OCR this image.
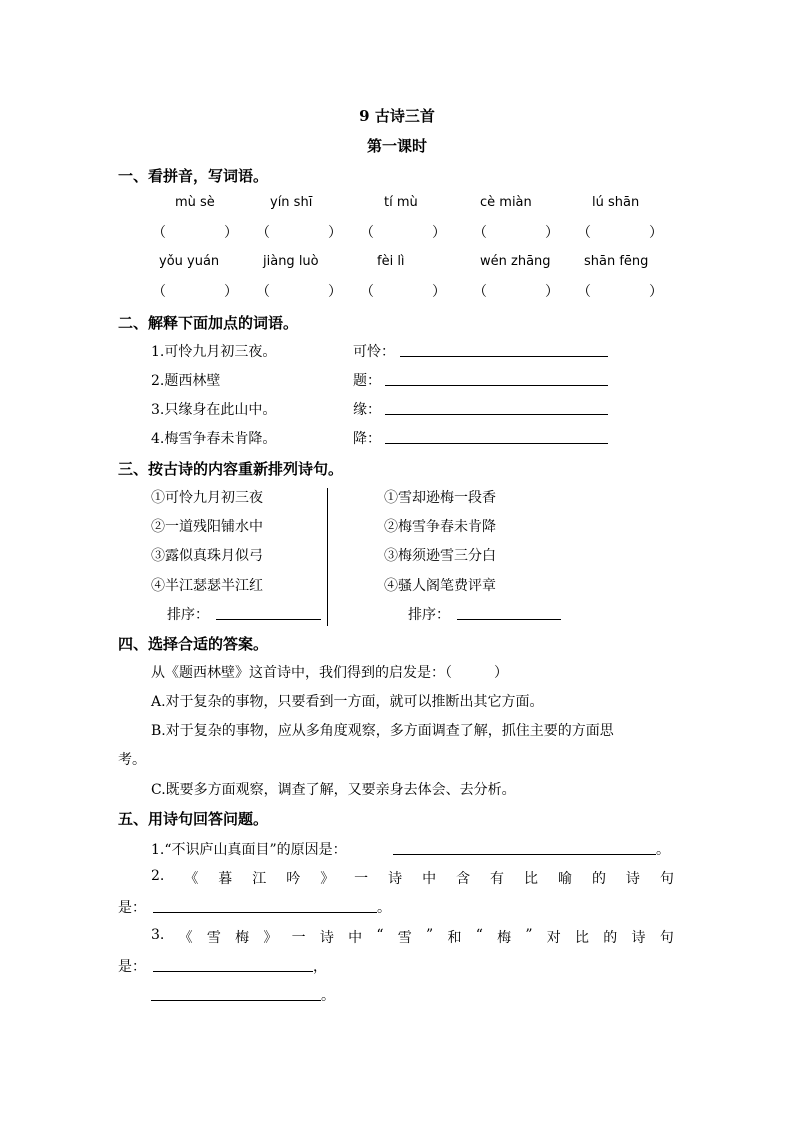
9 古诗三首
第一课时
一、看拼音，写词语。
mù sè	yín shī	tí mù	cè miàn	lú shān
（	） （	） （	） （	） （	）
yǒu yuán	jiàng luò	fèi lì	wén zhāng	shān fēng
（	） （	） （	） （	） （	）
二、解释下面加点的词语。
1.可怜九月初三夜。	可怜：
2.题西林壁	题：
3.只缘身在此山中。	缘：
4.梅雪争春未肯降。	降：
三、按古诗的内容重新排列诗句。
①可怜九月初三夜
②一道残阳铺水中
③露似真珠月似弓
④半江瑟瑟半江红
排序：
①雪却逊梅一段香
②梅雪争春未肯降
③梅须逊雪三分白
④骚人阁笔费评章
排序：
四、选择合适的答案。
从《题西林壁》这首诗中，我们得到的启发是：（　　　）
A.对于复杂的事物，只要看到一方面，就可以推断出其它方面。
B.对于复杂的事物，应从多角度观察，多方面调查了解，抓住主要的方面思
考。
C.既要多方面观察，调查了解，又要亲身去体会、去分析。
五、用诗句回答问题。
1.“不识庐山真面目”的原因是：	。
2. 《 暮 江 吟 》 一 诗 中 含 有 比 喻 的 诗 句
是：	。
3. 《 雪 梅 》 一 诗 中 “ 雪 ” 和 “ 梅 ” 对 比 的 诗 句
是：	，
。
